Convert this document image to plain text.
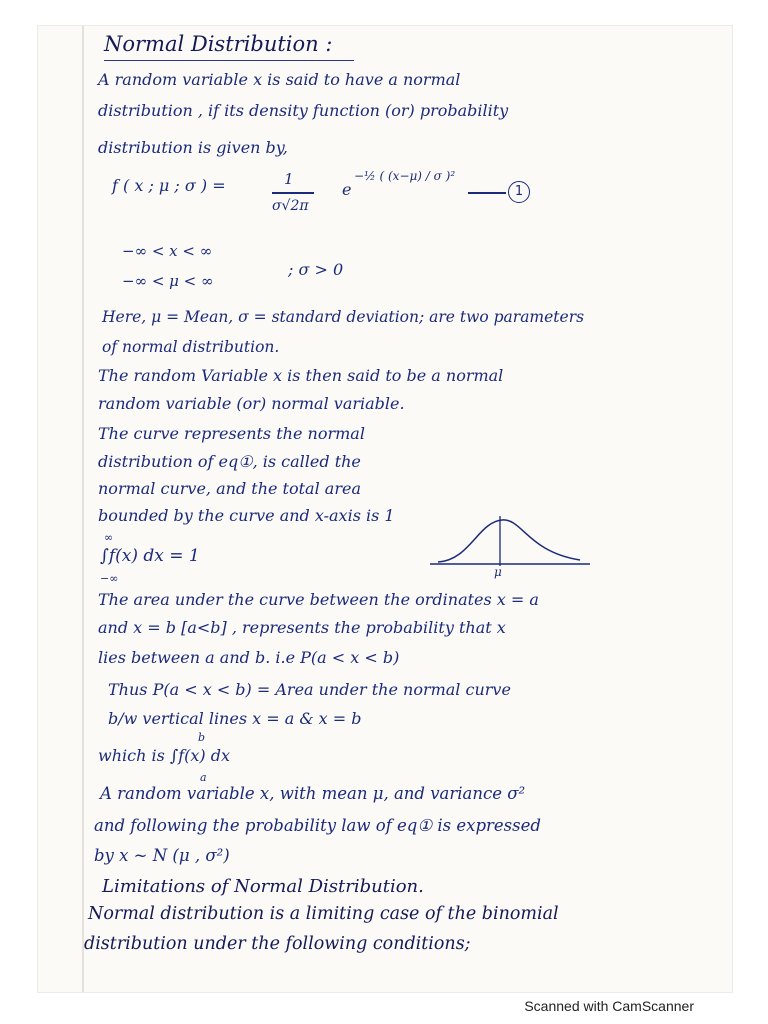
Normal Distribution :
A random variable x is said to have a normal
distribution , if its density function (or) probability
distribution is given by,
f ( x ; μ ; σ ) =	1
σ√2π
e
−½ ( (x−μ) / σ )²
1
−∞ < x < ∞
−∞ < μ < ∞
; σ > 0
Here, μ = Mean, σ = standard deviation; are two parameters
of normal distribution.
The random Variable x is then said to be a normal
random variable (or) normal variable.
The curve represents the normal
distribution of eq①, is called the
normal curve, and the total area
bounded by the curve and x-axis is 1
∞
∫f(x) dx = 1
−∞	μ
The area under the curve between the ordinates x = a
and x = b [a<b] , represents the probability that x
lies between a and b. i.e P(a < x < b)
Thus P(a < x < b) = Area under the normal curve
b/w vertical lines x = a & x = b
b
which is ∫f(x) dx
a
A random variable x, with mean μ, and variance σ²
and following the probability law of eq① is expressed
by x ~ N (μ , σ²)
Limitations of Normal Distribution.
Normal distribution is a limiting case of the binomial
distribution under the following conditions;
Scanned with CamScanner
